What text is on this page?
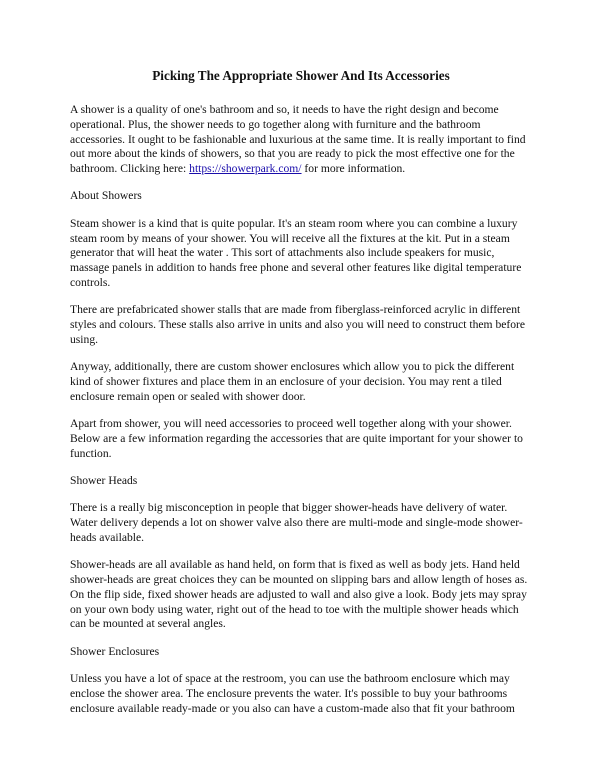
Picking The Appropriate Shower And Its Accessories

A shower is a quality of one's bathroom and so, it needs to have the right design and become operational. Plus, the shower needs to go together along with furniture and the bathroom accessories. It ought to be fashionable and luxurious at the same time. It is really important to find out more about the kinds of showers, so that you are ready to pick the most effective one for the bathroom. Clicking here: https://showerpark.com/ for more information.

About Showers

Steam shower is a kind that is quite popular. It's an steam room where you can combine a luxury steam room by means of your shower. You will receive all the fixtures at the kit. Put in a steam generator that will heat the water . This sort of attachments also include speakers for music, massage panels in addition to hands free phone and several other features like digital temperature controls.

There are prefabricated shower stalls that are made from fiberglass-reinforced acrylic in different styles and colours. These stalls also arrive in units and also you will need to construct them before using.

Anyway, additionally, there are custom shower enclosures which allow you to pick the different kind of shower fixtures and place them in an enclosure of your decision. You may rent a tiled enclosure remain open or sealed with shower door.

Apart from shower, you will need accessories to proceed well together along with your shower. Below are a few information regarding the accessories that are quite important for your shower to function.

Shower Heads

There is a really big misconception in people that bigger shower-heads have delivery of water. Water delivery depends a lot on shower valve also there are multi-mode and single-mode shower-heads available.

Shower-heads are all available as hand held, on form that is fixed as well as body jets. Hand held shower-heads are great choices they can be mounted on slipping bars and allow length of hoses as. On the flip side, fixed shower heads are adjusted to wall and also give a look. Body jets may spray on your own body using water, right out of the head to toe with the multiple shower heads which can be mounted at several angles.

Shower Enclosures

Unless you have a lot of space at the restroom, you can use the bathroom enclosure which may enclose the shower area. The enclosure prevents the water. It's possible to buy your bathrooms enclosure available ready-made or you also can have a custom-made also that fit your bathroom
